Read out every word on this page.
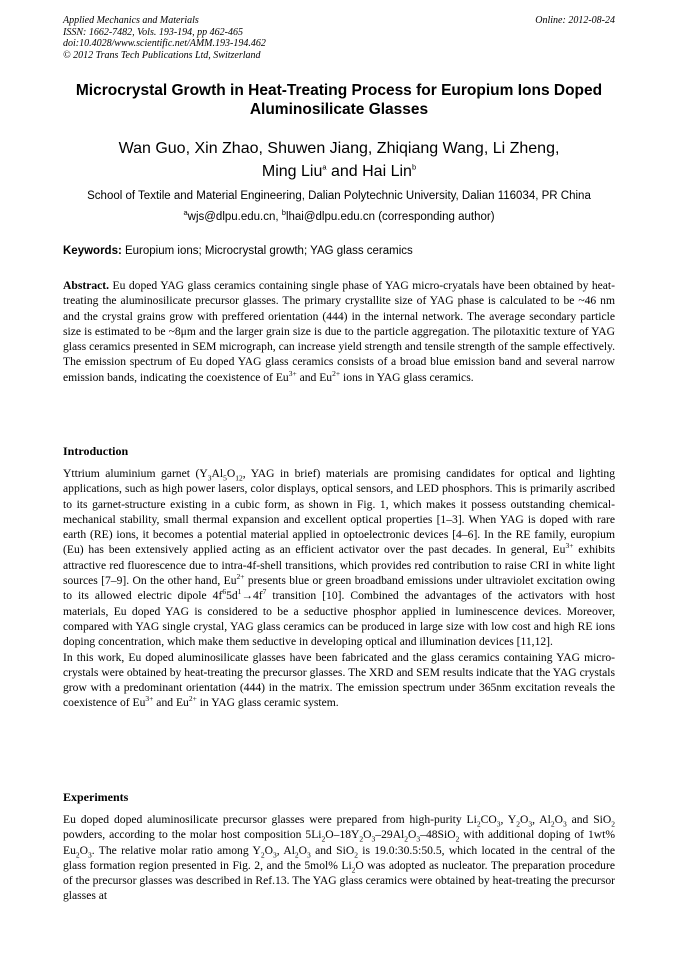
Applied Mechanics and Materials
ISSN: 1662-7482, Vols. 193-194, pp 462-465
doi:10.4028/www.scientific.net/AMM.193-194.462
© 2012 Trans Tech Publications Ltd, Switzerland
Online: 2012-08-24
Microcrystal Growth in Heat-Treating Process for Europium Ions Doped
Aluminosilicate Glasses
Wan Guo, Xin Zhao, Shuwen Jiang, Zhiqiang Wang, Li Zheng,
Ming Liu$^a$ and Hai Lin$^b$
School of Textile and Material Engineering, Dalian Polytechnic University, Dalian 116034, PR China
$^a$wjs@dlpu.edu.cn, $^b$lhai@dlpu.edu.cn (corresponding author)
Keywords: Europium ions; Microcrystal growth; YAG glass ceramics

Abstract. Eu doped YAG glass ceramics containing single phase of YAG micro-cryatals have been obtained by heat-treating the aluminosilicate precursor glasses. The primary crystallite size of YAG phase is calculated to be ~46 nm and the crystal grains grow with preffered orientation (444) in the internal network. The average secondary particle size is estimated to be ~8μm and the larger grain size is due to the particle aggregation. The pilotaxitic texture of YAG glass ceramics presented in SEM micrograph, can increase yield strength and tensile strength of the sample effectively. The emission spectrum of Eu doped YAG glass ceramics consists of a broad blue emission band and several narrow emission bands, indicating the coexistence of $Eu^{3+}$ and $Eu^{2+}$ ions in YAG glass ceramics.

Introduction

Yttrium aluminium garnet ($Y_3Al_5O_{12}$, YAG in brief) materials are promising candidates for optical and lighting applications, such as high power lasers, color displays, optical sensors, and LED phosphors. This is primarily ascribed to its garnet-structure existing in a cubic form, as shown in Fig. 1, which makes it possess outstanding chemical-mechanical stability, small thermal expansion and excellent optical properties [1–3]. When YAG is doped with rare earth (RE) ions, it becomes a potential material applied in optoelectronic devices [4–6]. In the RE family, europium (Eu) has been extensively applied acting as an efficient activator over the past decades. In general, $Eu^{3+}$ exhibits attractive red fluorescence due to intra-4f-shell transitions, which provides red contribution to raise CRI in white light sources [7–9]. On the other hand, $Eu^{2+}$ presents blue or green broadband emissions under ultraviolet excitation owing to its allowed electric dipole $4f^65d^1\to 4f^7$ transition [10]. Combined the advantages of the activators with host materials, Eu doped YAG is considered to be a seductive phosphor applied in luminescence devices. Moreover, compared with YAG single crystal, YAG glass ceramics can be produced in large size with low cost and high RE ions doping concentration, which make them seductive in developing optical and illumination devices [11,12].

In this work, Eu doped aluminosilicate glasses have been fabricated and the glass ceramics containing YAG micro-crystals were obtained by heat-treating the precursor glasses. The XRD and SEM results indicate that the YAG crystals grow with a predominant orientation (444) in the matrix. The emission spectrum under 365nm excitation reveals the coexistence of $Eu^{3+}$ and $Eu^{2+}$ in YAG glass ceramic system.

Experiments

Eu doped doped aluminosilicate precursor glasses were prepared from high-purity $Li_2CO_3$, $Y_2O_3$, $Al_2O_3$ and SiO$_2$ powders, according to the molar host composition $5Li_2O-18Y_2O_3-29Al_2O_3-48SiO_2$ with additional doping of 1wt% $Eu_2O_3$. The relative molar ratio among $Y_2O_3$, $Al_2O_3$ and SiO$_2$ is 19.0:30.5:50.5, which located in the central of the glass formation region presented in Fig. 2, and the 5mol% $Li_2O$ was adopted as nucleator. The preparation procedure of the precursor glasses was described in Ref.13. The YAG glass ceramics were obtained by heat-treating the precursor glasses at
